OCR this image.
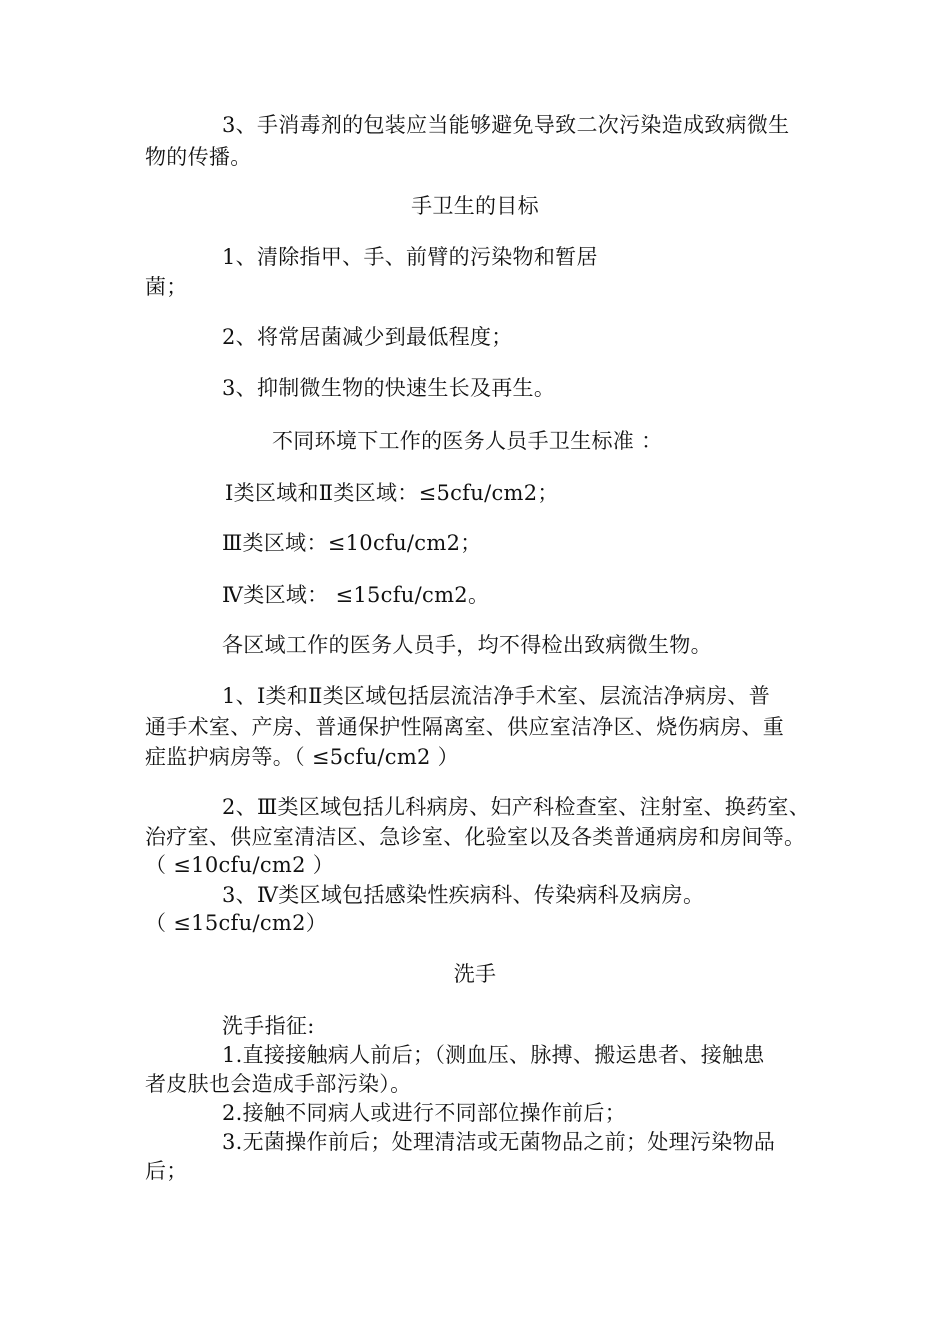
3、手消毒剂的包装应当能够避免导致二次污染造成致病微生
物的传播。
手卫生的目标
1、清除指甲、手、前臂的污染物和暂居
菌；
2、将常居菌减少到最低程度；
3、抑制微生物的快速生长及再生。
不同环境下工作的医务人员手卫生标准 ：
Ⅰ类区域和Ⅱ类区域：≤5cfu/cm2；
Ⅲ类区域：≤10cfu/cm2；
Ⅳ类区域： ≤15cfu/cm2。
各区域工作的医务人员手，均不得检出致病微生物。
1、Ⅰ类和Ⅱ类区域包括层流洁净手术室、层流洁净病房、普
通手术室、产房、普通保护性隔离室、供应室洁净区、烧伤病房、重
症监护病房等。（ ≤5cfu/cm2 ）
2、Ⅲ类区域包括儿科病房、妇产科检查室、注射室、换药室、
治疗室、供应室清洁区、急诊室、化验室以及各类普通病房和房间等。
（ ≤10cfu/cm2 ）
3、Ⅳ类区域包括感染性疾病科、传染病科及病房。
（ ≤15cfu/cm2）
洗手
洗手指征:
1.直接接触病人前后；（测血压、脉搏、搬运患者、接触患
者皮肤也会造成手部污染）。
2.接触不同病人或进行不同部位操作前后；
3.无菌操作前后；处理清洁或无菌物品之前；处理污染物品
后；
